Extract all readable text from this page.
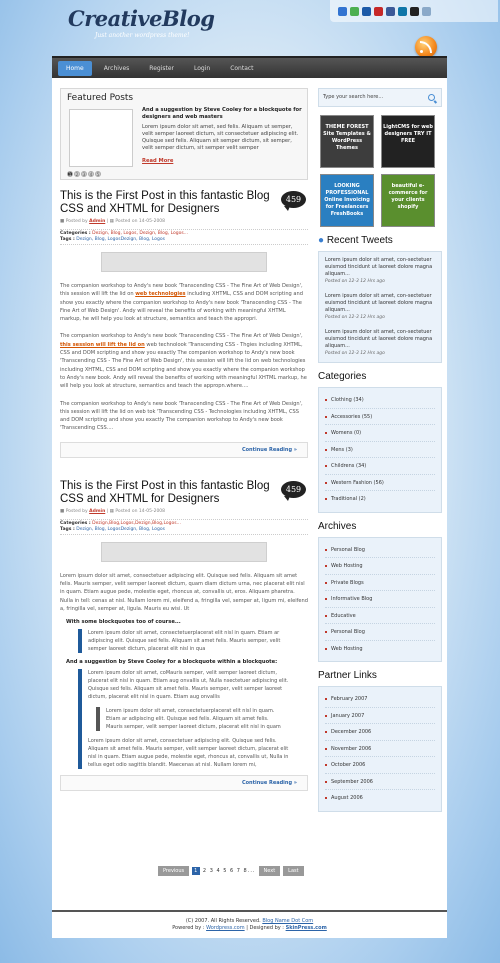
CreativeBlog
Just another wordpress theme!
Home	Archives	Register	Login	Contact
Featured Posts
And a suggestion by Steve Cooley for a blockquote for designers and web masters
Lorem ipsum dolor sit amet, sed felis. Aliquam ut semper, velit semper laoreet dictum, sit consectetuer adipiscing elit. Quisque sed felis. Aliquam sit semper dictum, sit semper, velit semper dictum, sit semper velit semper
Read More
1	2	3	4	5
This is the First Post in this fantastic Blog CSS and XHTML for Designers
459
■ Posted by Admin | ▦ Posted on 14-05-2008
Categories : Dezign, Blog, Logos, Dezign, Blog, Logos...
Tags : Dezign, Blog, LogosDezign, Blog, Logos

The companion workshop to Andy's new book 'Transcending CSS - The Fine Art of Web Design', this session will lift the lid on web technologies including XHTML, CSS and DOM scripting and show you exactly where the companion workshop to Andy's new book 'Transcending CSS - The Fine Art of Web Design'. Andy will reveal the benefits of working with meaningful XHTML markup, he will help you look at structure, semantics and teach the appropri.

The companion workshop to Andy's new book 'Transcending CSS - The Fine Art of Web Design', this session will lift the lid on web technolook 'Transcending CSS - Thgies including XHTML, CSS and DOM scripting and show you exactly The companion workshop to Andy's new book 'Transcending CSS - The Fine Art of Web Design', this session will lift the lid on web technologies including XHTML, CSS and DOM scripting and show you exactly where the companion workshop to Andy's new book. Andy will reveal the benefits of working with meaningful XHTML markup, he will help you look at structure, semantics and teach the appropn.where....

The companion workshop to Andy's new book 'Transcending CSS - The Fine Art of Web Design', this session will lift the lid on web tok 'Transcending CSS - Technologies including XHTML, CSS and DOM scripting and show you exactly The companion workshop to Andy's new book 'Transcending CSS....

Continue Reading »
This is the First Post in this fantastic Blog CSS and XHTML for Designers
459
■ Posted by Admin | ▦ Posted on 14-05-2008
Categories : Dezign,Blog,Logos,Dezign,Blog,Logos...
Tags : Dezign, Blog, LogosDezign, Blog, Logos

Lorem ipsum dolor sit amet, consectetuer adipiscing elit. Quisque sed felis. Aliquam sit amet felis. Mauris semper, velit semper laoreet dictum, quam diam dictum urna, nec placerat elit nisl in quam. Etiam augue pede, molestie eget, rhoncus at, convallis ut, eros. Aliquam pharetra. Nulla in tell: cenas at nisl. Nullam lorem mi, eleifend a, fringilla vel, semper at, ligum mi, eleifend a, fringilla vel, semper at, ligula. Mauris eu wisi. Ut

With some blockquotes too of course...
Lorem ipsum dolor sit amet, consectetuerplacerat elit nisl in quam. Etiam ar adipiscing elit. Quisque sed felis. Aliquam sit amet felis. Mauris semper, velit semper laoreet dictum, placerat elit nisl in qua
And a suggestion by Steve Cooley for a blockquote within a blockquote:
Lorem ipsum dolor sit amet, coMauris semper, velit semper laoreet dictum, placerat elit nisl in quam. Etiam aug onvallis ut, Nulla nsectetuer adipiscing elit. Quisque sed felis. Aliquam sit amet felis. Mauris semper, velit semper laoreet dictum, placerat elit nisl in quam. Etiam aug onvallis
Lorem ipsum dolor sit amet, consectetuerplacerat elit nisl in quam. Etiam ar adipiscing elit. Quisque sed felis. Aliquam sit amet felis. Mauris semper, velit semper laoreet dictum, placerat elit nisl in quam
Lorem ipsum dolor sit amet, consectetuer adipiscing elit. Quisque sed felis. Aliquam sit amet felis. Mauris semper, velit semper laoreet dictum, placerat elit nisl in quam. Etiam augue pede, molestie eget, rhoncus at, convallis ut, Nulla in tellus eget odio sagittis blandit. Maecenas at nisl. Nullam lorem mi,
Continue Reading »
Previous	1 2 3 4 5 6 7 8...	Next	Last
Type your search here...
THEME FOREST Site Templates & WordPress Themes
LightCMS for web designers TRY IT FREE
LOOKING PROFESSIONAL Online Invoicing for Freelancers FreshBooks
beautiful e-commerce for your clients shopify
● Recent Tweets
Lorem ipsum dolor sit amet, con-sectetuer euismod tincidunt ut laoreet dolore magna aliquam...
Posted on 12-3 12 Hrs ago
Lorem ipsum dolor sit amet, con-sectetuer euismod tincidunt ut laoreet dolore magna aliquam...
Posted on 12-3 12 Hrs ago
Lorem ipsum dolor sit amet, con-sectetuer euismod tincidunt ut laoreet dolore magna aliquam...
Posted on 12-3 12 Hrs ago
Categories
Clothing (34)
Accessories (55)
Womens (0)
Mens (3)
Childrens (34)
Western Fashion (56)
Traditional (2)
Archives
Personal Blog
Web Hosting
Private Blogs
Informative Blog
Educative
Personal Blog
Web Hosting
Partner Links
February 2007
January 2007
December 2006
November 2006
October 2006
September 2006
August 2006
(C) 2007. All Rights Reserved. Blog Name Dot Com
Powered by : Wordpress.com | Designed by : SkinPress.com
